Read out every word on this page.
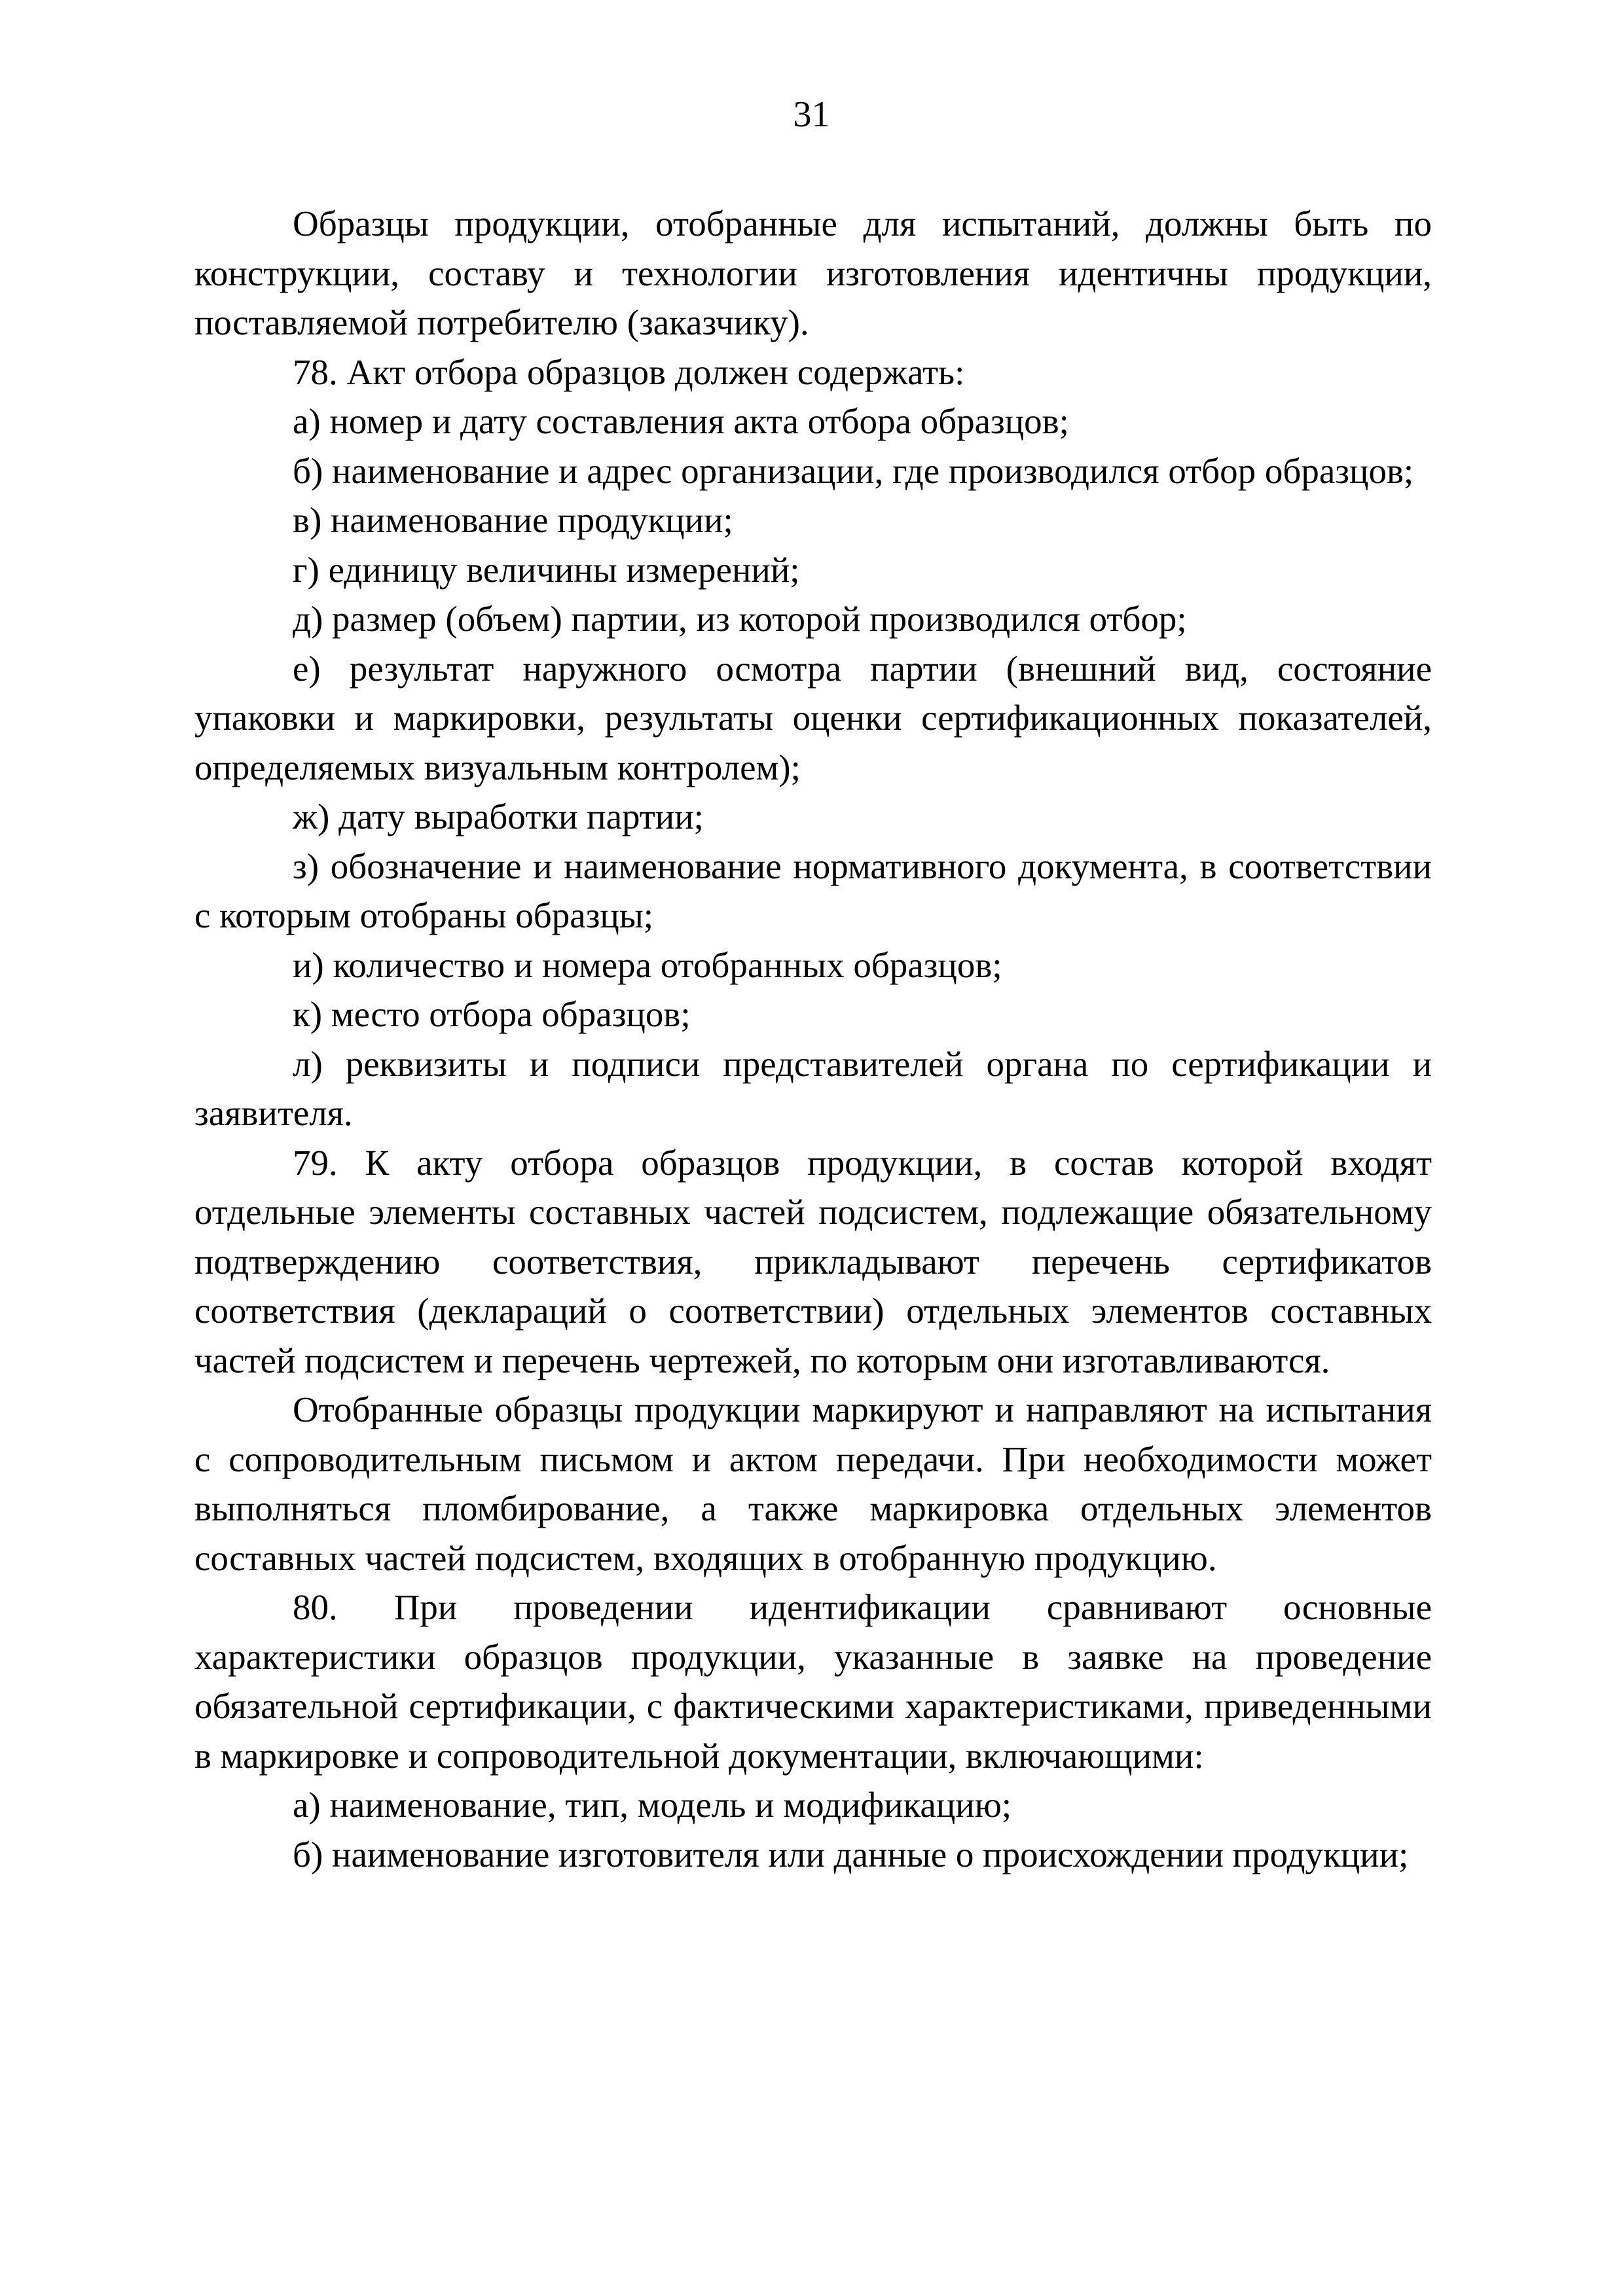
31

Образцы продукции, отобранные для испытаний, должны быть по конструкции, составу и технологии изготовления идентичны продукции, поставляемой потребителю (заказчику).

78. Акт отбора образцов должен содержать:

а) номер и дату составления акта отбора образцов;

б) наименование и адрес организации, где производился отбор образцов;

в) наименование продукции;

г) единицу величины измерений;

д) размер (объем) партии, из которой производился отбор;

е) результат наружного осмотра партии (внешний вид, состояние упаковки и маркировки, результаты оценки сертификационных показателей, определяемых визуальным контролем);

ж) дату выработки партии;

з) обозначение и наименование нормативного документа, в соответствии с которым отобраны образцы;

и) количество и номера отобранных образцов;

к) место отбора образцов;

л) реквизиты и подписи представителей органа по сертификации и заявителя.

79. К акту отбора образцов продукции, в состав которой входят отдельные элементы составных частей подсистем, подлежащие обязательному подтверждению соответствия, прикладывают перечень сертификатов соответствия (деклараций о соответствии) отдельных элементов составных частей подсистем и перечень чертежей, по которым они изготавливаются.

Отобранные образцы продукции маркируют и направляют на испытания с сопроводительным письмом и актом передачи. При необходимости может выполняться пломбирование, а также маркировка отдельных элементов составных частей подсистем, входящих в отобранную продукцию.

80. При проведении идентификации сравнивают основные характеристики образцов продукции, указанные в заявке на проведение обязательной сертификации, с фактическими характеристиками, приведенными в маркировке и сопроводительной документации, включающими:

а) наименование, тип, модель и модификацию;

б) наименование изготовителя или данные о происхождении продукции;
